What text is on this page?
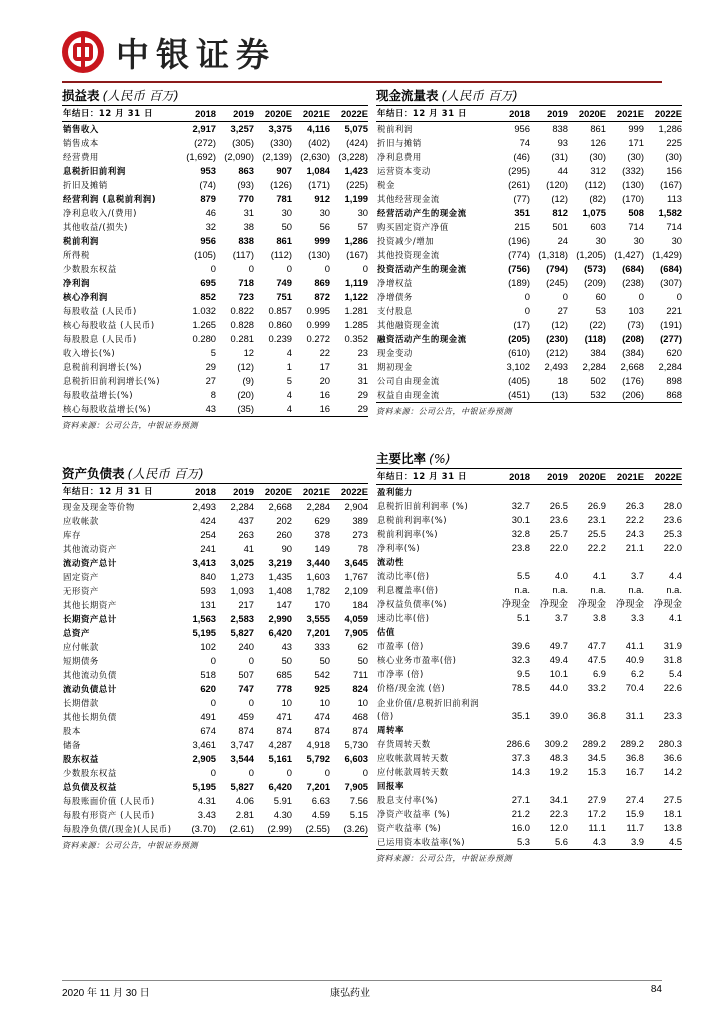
中银证券
损益表 (人民币 百万)
年结日：12 月 31 日	2018	2019	2020E	2021E	2022E
销售收入	2,917	3,257	3,375	4,116	5,075
销售成本	(272)	(305)	(330)	(402)	(424)
经营费用	(1,692)	(2,090)	(2,139)	(2,630)	(3,228)
息税折旧前利润	953	863	907	1,084	1,423
折旧及摊销	(74)	(93)	(126)	(171)	(225)
经营利润 (息税前利润)	879	770	781	912	1,199
净利息收入/(费用)	46	31	30	30	30
其他收益/(损失)	32	38	50	56	57
税前利润	956	838	861	999	1,286
所得税	(105)	(117)	(112)	(130)	(167)
少数股东权益	0	0	0	0	0
净利润	695	718	749	869	1,119
核心净利润	852	723	751	872	1,122
每股收益 (人民币)	1.032	0.822	0.857	0.995	1.281
核心每股收益 (人民币)	1.265	0.828	0.860	0.999	1.285
每股股息 (人民币)	0.280	0.281	0.239	0.272	0.352
收入增长(%)	5	12	4	22	23
息税前利润增长(%)	29	(12)	1	17	31
息税折旧前利润增长(%)	27	(9)	5	20	31
每股收益增长(%)	8	(20)	4	16	29
核心每股收益增长(%)	43	(35)	4	16	29
资料来源：公司公告，中银证券预测
资产负债表 (人民币 百万)
年结日：12 月 31 日	2018	2019	2020E	2021E	2022E
现金及现金等价物	2,493	2,284	2,668	2,284	2,904
应收帐款	424	437	202	629	389
库存	254	263	260	378	273
其他流动资产	241	41	90	149	78
流动资产总计	3,413	3,025	3,219	3,440	3,645
固定资产	840	1,273	1,435	1,603	1,767
无形资产	593	1,093	1,408	1,782	2,109
其他长期资产	131	217	147	170	184
长期资产总计	1,563	2,583	2,990	3,555	4,059
总资产	5,195	5,827	6,420	7,201	7,905
应付帐款	102	240	43	333	62
短期债务	0	0	50	50	50
其他流动负债	518	507	685	542	711
流动负债总计	620	747	778	925	824
长期借款	0	0	10	10	10
其他长期负债	491	459	471	474	468
股本	674	874	874	874	874
储备	3,461	3,747	4,287	4,918	5,730
股东权益	2,905	3,544	5,161	5,792	6,603
少数股东权益	0	0	0	0	0
总负债及权益	5,195	5,827	6,420	7,201	7,905
每股账面价值 (人民币)	4.31	4.06	5.91	6.63	7.56
每股有形资产 (人民币)	3.43	2.81	4.30	4.59	5.15
每股净负债/(现金)(人民币)	(3.70)	(2.61)	(2.99)	(2.55)	(3.26)
资料来源：公司公告，中银证券预测
现金流量表 (人民币 百万)
年结日：12 月 31 日	2018	2019	2020E	2021E	2022E
税前利润	956	838	861	999	1,286
折旧与摊销	74	93	126	171	225
净利息费用	(46)	(31)	(30)	(30)	(30)
运营资本变动	(295)	44	312	(332)	156
税金	(261)	(120)	(112)	(130)	(167)
其他经营现金流	(77)	(12)	(82)	(170)	113
经营活动产生的现金流	351	812	1,075	508	1,582
购买固定资产净值	215	501	603	714	714
投资减少/增加	(196)	24	30	30	30
其他投资现金流	(774)	(1,318)	(1,205)	(1,427)	(1,429)
投资活动产生的现金流	(756)	(794)	(573)	(684)	(684)
净增权益	(189)	(245)	(209)	(238)	(307)
净增债务	0	0	60	0	0
支付股息	0	27	53	103	221
其他融资现金流	(17)	(12)	(22)	(73)	(191)
融资活动产生的现金流	(205)	(230)	(118)	(208)	(277)
现金变动	(610)	(212)	384	(384)	620
期初现金	3,102	2,493	2,284	2,668	2,284
公司自由现金流	(405)	18	502	(176)	898
权益自由现金流	(451)	(13)	532	(206)	868
资料来源：公司公告，中银证券预测
主要比率 (%)
年结日：12 月 31 日	2018	2019	2020E	2021E	2022E
盈利能力					
息税折旧前利润率 (%)	32.7	26.5	26.9	26.3	28.0
息税前利润率(%)	30.1	23.6	23.1	22.2	23.6
税前利润率(%)	32.8	25.7	25.5	24.3	25.3
净利率(%)	23.8	22.0	22.2	21.1	22.0
流动性					
流动比率(倍)	5.5	4.0	4.1	3.7	4.4
利息覆盖率(倍)	n.a.	n.a.	n.a.	n.a.	n.a.
净权益负债率(%)	净现金	净现金	净现金	净现金	净现金
速动比率(倍)	5.1	3.7	3.8	3.3	4.1
估值					
市盈率 (倍)	39.6	49.7	47.7	41.1	31.9
核心业务市盈率(倍)	32.3	49.4	47.5	40.9	31.8
市净率 (倍)	9.5	10.1	6.9	6.2	5.4
价格/现金流 (倍)	78.5	44.0	33.2	70.4	22.6
企业价值/息税折旧前利润(倍)	35.1	39.0	36.8	31.1	23.3
周转率					
存货周转天数	286.6	309.2	289.2	289.2	280.3
应收帐款周转天数	37.3	48.3	34.5	36.8	36.6
应付帐款周转天数	14.3	19.2	15.3	16.7	14.2
回报率					
股息支付率(%)	27.1	34.1	27.9	27.4	27.5
净资产收益率 (%)	21.2	22.3	17.2	15.9	18.1
资产收益率 (%)	16.0	12.0	11.1	11.7	13.8
已运用资本收益率(%)	5.3	5.6	4.3	3.9	4.5
资料来源：公司公告，中银证券预测
2020 年 11 月 30 日	康弘药业	84
